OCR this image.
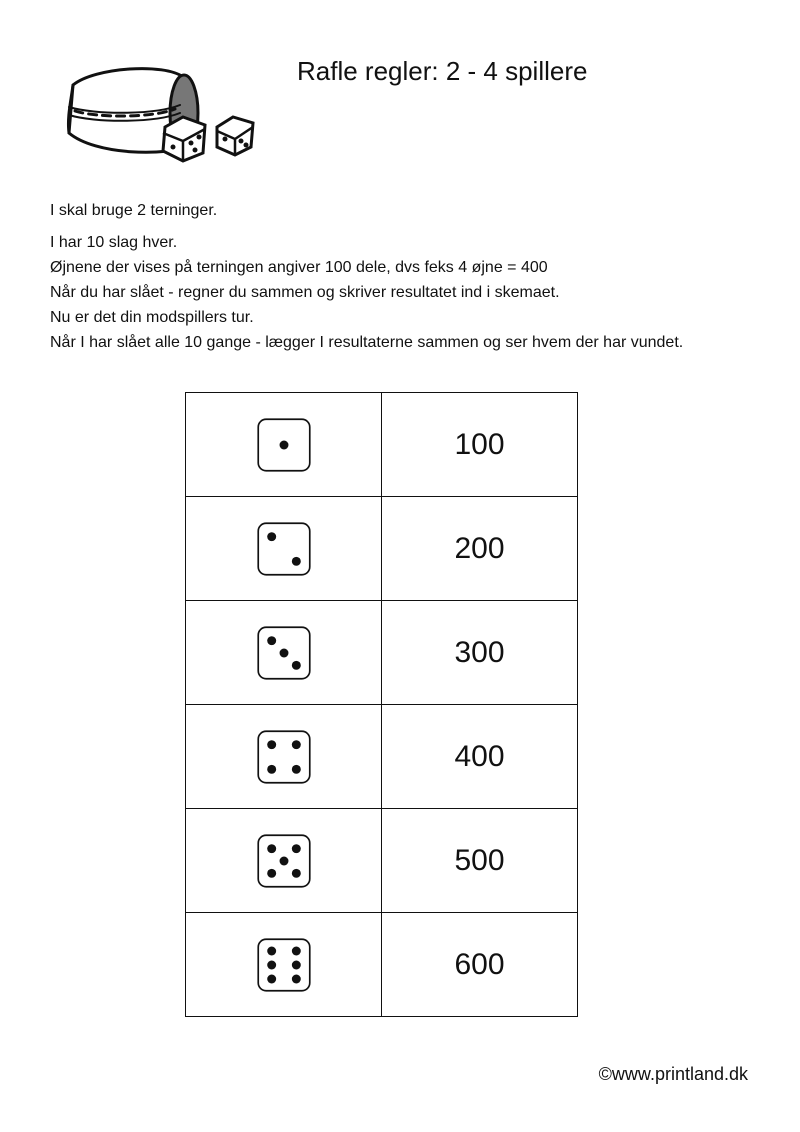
Rafle regler: 2 - 4 spillere

I skal bruge 2 terninger.

I har 10 slag hver.

Øjnene der vises på terningen angiver 100 dele, dvs feks 4 øjne = 400

Når du har slået - regner du sammen og skriver resultatet ind i skemaet.

Nu er det din modspillers tur.

Når I har slået alle 10 gange - lægger I resultaterne sammen og ser hvem der har vundet.

	100
	200
	300
	400
	500
	600
©www.printland.dk
